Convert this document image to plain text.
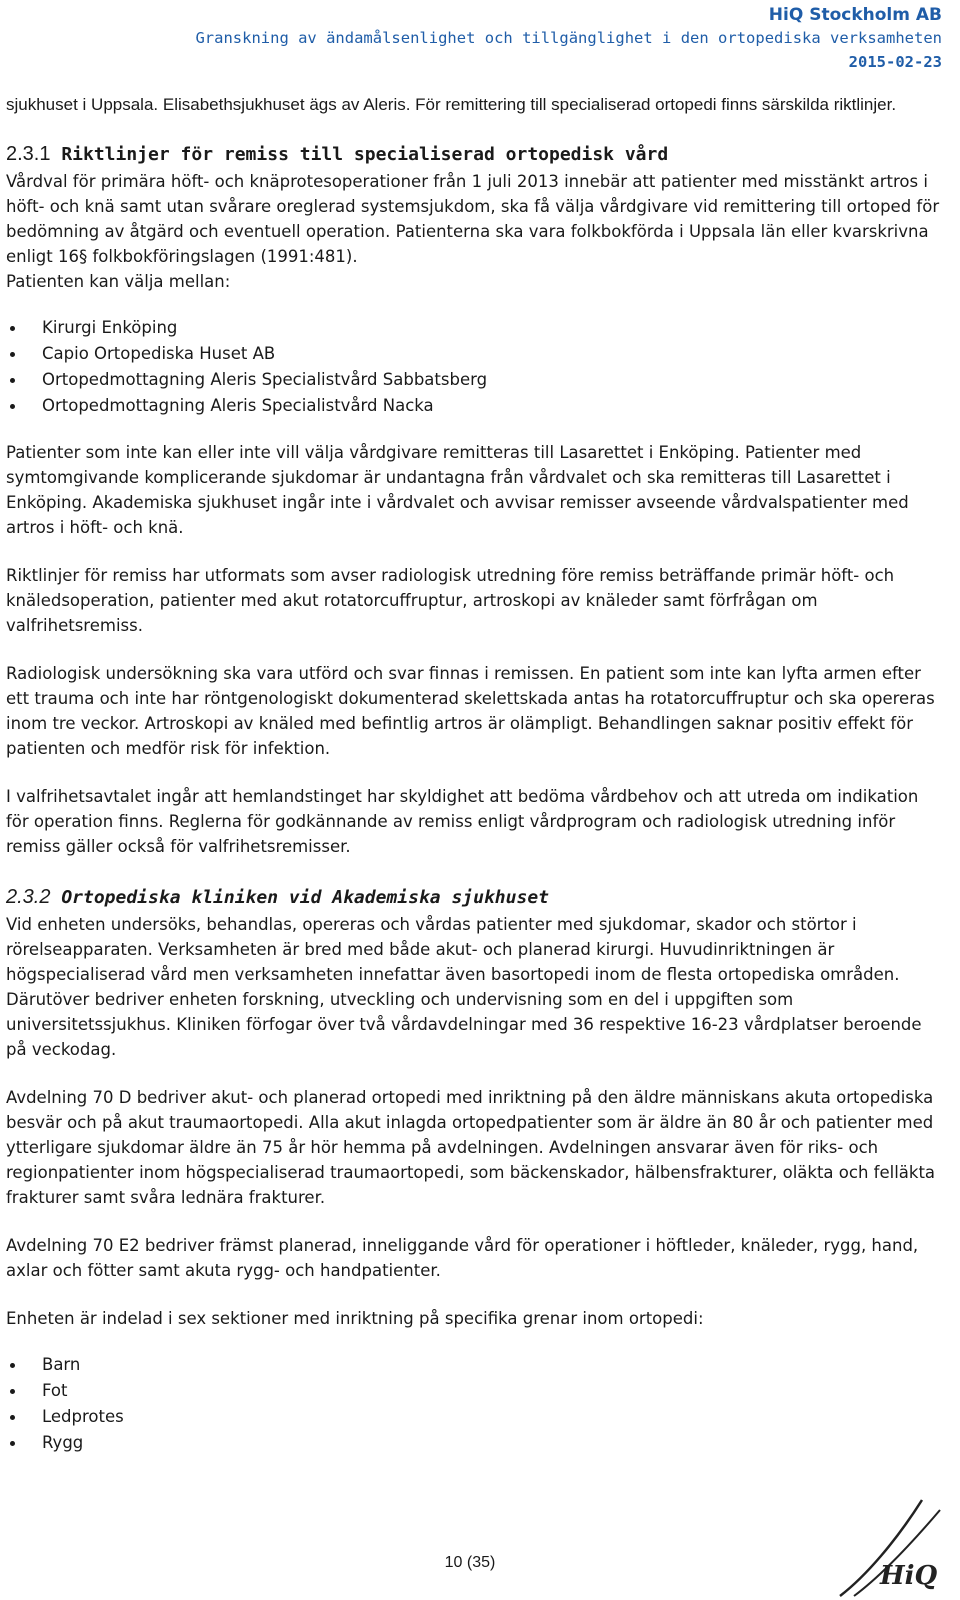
HiQ Stockholm AB
Granskning av ändamålsenlighet och tillgänglighet i den ortopediska verksamheten
2015-02-23

sjukhuset i Uppsala. Elisabethsjukhuset ägs av Aleris. För remittering till specialiserad ortopedi finns särskilda riktlinjer.

2.3.1 Riktlinjer för remiss till specialiserad ortopedisk vård

Vårdval för primära höft- och knäprotesoperationer från 1 juli 2013 innebär att patienter med misstänkt artros i höft- och knä samt utan svårare oreglerad systemsjukdom, ska få välja vårdgivare vid remittering till ortoped för bedömning av åtgärd och eventuell operation. Patienterna ska vara folkbokförda i Uppsala län eller kvarskrivna enligt 16§ folkbokföringslagen (1991:481).

Patienten kan välja mellan:

Kirurgi Enköping
Capio Ortopediska Huset AB
Ortopedmottagning Aleris Specialistvård Sabbatsberg
Ortopedmottagning Aleris Specialistvård Nacka

Patienter som inte kan eller inte vill välja vårdgivare remitteras till Lasarettet i Enköping. Patienter med symtomgivande komplicerande sjukdomar är undantagna från vårdvalet och ska remitteras till Lasarettet i Enköping. Akademiska sjukhuset ingår inte i vårdvalet och avvisar remisser avseende vårdvalspatienter med artros i höft- och knä.

Riktlinjer för remiss har utformats som avser radiologisk utredning före remiss beträffande primär höft- och knäledsoperation, patienter med akut rotatorcuffruptur, artroskopi av knäleder samt förfrågan om valfrihetsremiss.

Radiologisk undersökning ska vara utförd och svar finnas i remissen. En patient som inte kan lyfta armen efter ett trauma och inte har röntgenologiskt dokumenterad skelettskada antas ha rotatorcuffruptur och ska opereras inom tre veckor. Artroskopi av knäled med befintlig artros är olämpligt. Behandlingen saknar positiv effekt för patienten och medför risk för infektion.

I valfrihetsavtalet ingår att hemlandstinget har skyldighet att bedöma vårdbehov och att utreda om indikation för operation finns. Reglerna för godkännande av remiss enligt vårdprogram och radiologisk utredning inför remiss gäller också för valfrihetsremisser.

2.3.2 Ortopediska kliniken vid Akademiska sjukhuset

Vid enheten undersöks, behandlas, opereras och vårdas patienter med sjukdomar, skador och störtor i rörelseapparaten. Verksamheten är bred med både akut- och planerad kirurgi. Huvudinriktningen är högspecialiserad vård men verksamheten innefattar även basortopedi inom de flesta ortopediska områden. Därutöver bedriver enheten forskning, utveckling och undervisning som en del i uppgiften som universitetssjukhus. Kliniken förfogar över två vårdavdelningar med 36 respektive 16-23 vårdplatser beroende på veckodag.

Avdelning 70 D bedriver akut- och planerad ortopedi med inriktning på den äldre människans akuta ortopediska besvär och på akut traumaortopedi. Alla akut inlagda ortopedpatienter som är äldre än 80 år och patienter med ytterligare sjukdomar äldre än 75 år hör hemma på avdelningen. Avdelningen ansvarar även för riks- och regionpatienter inom högspecialiserad traumaortopedi, som bäckenskador, hälbensfrakturer, oläkta och felläkta frakturer samt svåra lednära frakturer.

Avdelning 70 E2 bedriver främst planerad, inneliggande vård för operationer i höftleder, knäleder, rygg, hand, axlar och fötter samt akuta rygg- och handpatienter.

Enheten är indelad i sex sektioner med inriktning på specifika grenar inom ortopedi:

Barn
Fot
Ledprotes
Rygg
10 (35)	HiQ
